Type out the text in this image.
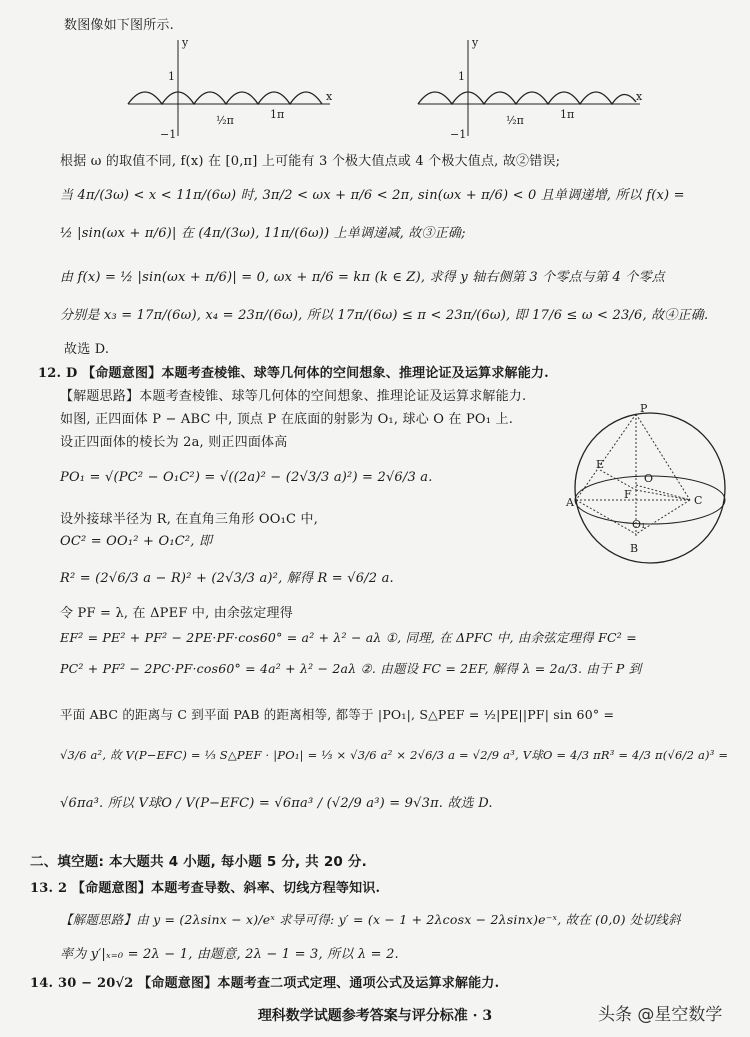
数图像如下图所示.
y
1
−1
½π	1π
x
y
1
−1
½π	1π
x
根据 ω 的取值不同, f(x) 在 [0,π] 上可能有 3 个极大值点或 4 个极大值点, 故②错误;
当 4π/(3ω) < x < 11π/(6ω) 时, 3π/2 < ωx + π/6 < 2π, sin(ωx + π/6) < 0 且单调递增, 所以 f(x) =
½ |sin(ωx + π/6)| 在 (4π/(3ω), 11π/(6ω)) 上单调递减, 故③正确;
由 f(x) = ½ |sin(ωx + π/6)| = 0, ωx + π/6 = kπ (k ∈ Z), 求得 y 轴右侧第 3 个零点与第 4 个零点
分别是 x₃ = 17π/(6ω), x₄ = 23π/(6ω), 所以 17π/(6ω) ≤ π < 23π/(6ω), 即 17/6 ≤ ω < 23/6, 故④正确.
故选 D.
12. D 【命题意图】本题考查棱锥、球等几何体的空间想象、推理论证及运算求解能力.
【解题思路】本题考查棱锥、球等几何体的空间想象、推理论证及运算求解能力.
如图, 正四面体 P − ABC 中, 顶点 P 在底面的射影为 O₁, 球心 O 在 PO₁ 上.
设正四面体的棱长为 2a, 则正四面体高
PO₁ = √(PC² − O₁C²) = √((2a)² − (2√3/3 a)²) = 2√6/3 a.
设外接球半径为 R, 在直角三角形 OO₁C 中,
OC² = OO₁² + O₁C², 即
R² = (2√6/3 a − R)² + (2√3/3 a)², 解得 R = √6/2 a.
令 PF = λ, 在 ΔPEF 中, 由余弦定理得
EF² = PE² + PF² − 2PE·PF·cos60° = a² + λ² − aλ ①, 同理, 在 ΔPFC 中, 由余弦定理得 FC² =
PC² + PF² − 2PC·PF·cos60° = 4a² + λ² − 2aλ ②. 由题设 FC = 2EF, 解得 λ = 2a/3. 由于 P 到
平面 ABC 的距离与 C 到平面 PAB 的距离相等, 都等于 |PO₁|, S△PEF = ½|PE||PF| sin 60° =
√3/6 a², 故 V(P−EFC) = ⅓ S△PEF · |PO₁| = ⅓ × √3/6 a² × 2√6/3 a = √2/9 a³, V球O = 4/3 πR³ = 4/3 π(√6/2 a)³ =
√6πa³. 所以 V球O / V(P−EFC) = √6πa³ / (√2/9 a³) = 9√3π. 故选 D.
P
E
O
F	C
A
O₁
B
二、填空题: 本大题共 4 小题, 每小题 5 分, 共 20 分.
13. 2 【命题意图】本题考查导数、斜率、切线方程等知识.
【解题思路】由 y = (2λsinx − x)/eˣ 求导可得: y′ = (x − 1 + 2λcosx − 2λsinx)e⁻ˣ, 故在 (0,0) 处切线斜
率为 y′|ₓ₌₀ = 2λ − 1, 由题意, 2λ − 1 = 3, 所以 λ = 2.
14. 30 − 20√2 【命题意图】本题考查二项式定理、通项公式及运算求解能力.
理科数学试题参考答案与评分标准 · 3	头条 @星空数学
